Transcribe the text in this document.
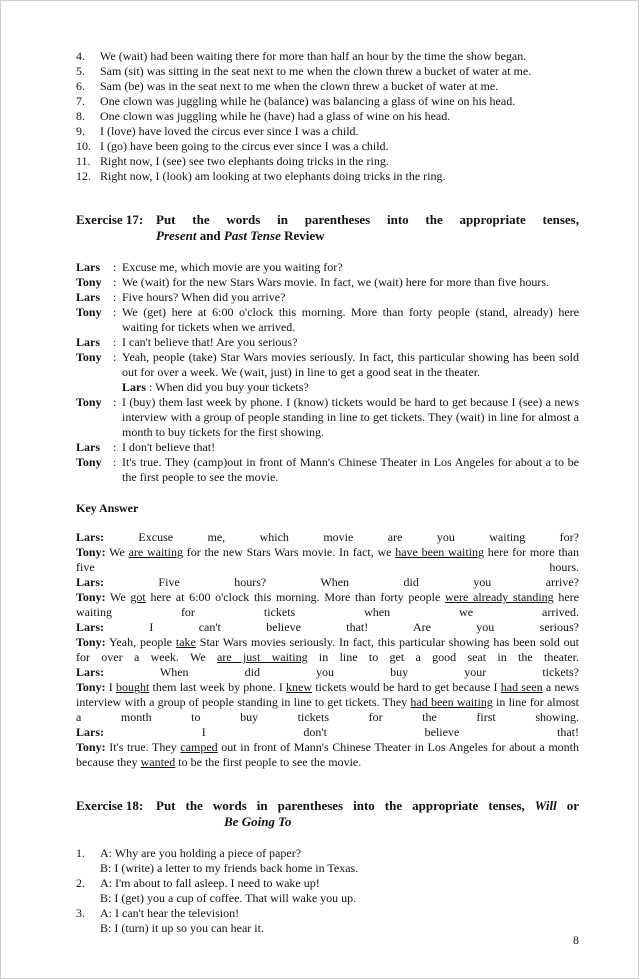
4.	We (wait) had been waiting there for more than half an hour by the time the show began.
5.	Sam (sit) was sitting in the seat next to me when the clown threw a bucket of water at me.
6.	Sam (be) was in the seat next to me when the clown threw a bucket of water at me.
7.	One clown was juggling while he (balance) was balancing a glass of wine on his head.
8.	One clown was juggling while he (have) had a glass of wine on his head.
9.	I (love) have loved the circus ever since I was a child.
10. I (go) have been going to the circus ever since I was a child.
11. Right now, I (see) see two elephants doing tricks in the ring.
12. Right now, I (look) am looking at two elephants doing tricks in the ring.
Exercise 17: Put the words in parentheses into the appropriate tenses,
Present and Past Tense Review
Lars	: Excuse me, which movie are you waiting for?
Tony : We (wait) for the new Stars Wars movie. In fact, we (wait) here for more than five hours.
Lars	: Five hours? When did you arrive?
Tony : We (get) here at 6:00 o'clock this morning. More than forty people (stand, already) here waiting for tickets when we arrived.
Lars	: I can't believe that! Are you serious?
Tony : Yeah, people (take) Star Wars movies seriously. In fact, this particular showing has been sold out for over a week. We (wait, just) in line to get a good seat in the theater.
Lars : When did you buy your tickets?
Tony : I (buy) them last week by phone. I (know) tickets would be hard to get because I (see) a news interview with a group of people standing in line to get tickets. They (wait) in line for almost a month to buy tickets for the first showing.
Lars	: I don't believe that!
Tony : It's true. They (camp)out in front of Mann's Chinese Theater in Los Angeles for about a to be the first people to see the movie.
Key Answer

Lars: Excuse me, which movie are you waiting for?

Tony: We are waiting for the new Stars Wars movie. In fact, we have been waiting here for more than five hours.

Lars: Five hours? When did you arrive?

Tony: We got here at 6:00 o'clock this morning. More than forty people were already standing here waiting for tickets when we arrived.

Lars: I can't believe that! Are you serious?

Tony: Yeah, people take Star Wars movies seriously. In fact, this particular showing has been sold out for over a week. We are just waiting in line to get a good seat in the theater.

Lars: When did you buy your tickets?

Tony: I bought them last week by phone. I knew tickets would be hard to get because I had seen a news interview with a group of people standing in line to get tickets. They had been waiting in line for almost a month to buy tickets for the first showing.

Lars: I don't believe that!

Tony: It's true. They camped out in front of Mann's Chinese Theater in Los Angeles for about a month because they wanted to be the first people to see the movie.

Exercise 18: Put the words in parentheses into the appropriate tenses, Will or
Be Going To
1.	A: Why are you holding a piece of paper?
B: I (write) a letter to my friends back home in Texas.
2.	A: I'm about to fall asleep. I need to wake up!
B: I (get) you a cup of coffee. That will wake you up.
3.	A: I can't hear the television!
B: I (turn) it up so you can hear it.
8
